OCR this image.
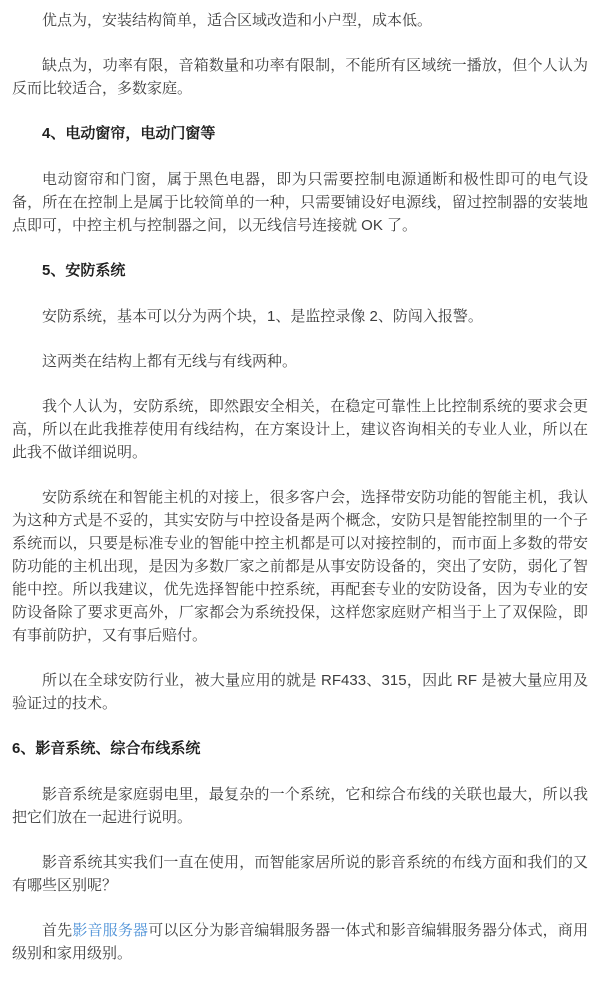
优点为，安装结构简单，适合区域改造和小户型，成本低。

缺点为，功率有限，音箱数量和功率有限制，不能所有区域统一播放，但个人认为反而比较适合，多数家庭。

4、电动窗帘，电动门窗等

电动窗帘和门窗，属于黑色电器，即为只需要控制电源通断和极性即可的电气设备，所在在控制上是属于比较简单的一种，只需要铺设好电源线，留过控制器的安装地点即可，中控主机与控制器之间，以无线信号连接就 OK 了。

5、安防系统

安防系统，基本可以分为两个块，1、是监控录像 2、防闯入报警。

这两类在结构上都有无线与有线两种。

我个人认为，安防系统，即然跟安全相关，在稳定可靠性上比控制系统的要求会更高，所以在此我推荐使用有线结构，在方案设计上，建议咨询相关的专业人业，所以在此我不做详细说明。

安防系统在和智能主机的对接上，很多客户会，选择带安防功能的智能主机，我认为这种方式是不妥的，其实安防与中控设备是两个概念，安防只是智能控制里的一个子系统而以，只要是标准专业的智能中控主机都是可以对接控制的，而市面上多数的带安防功能的主机出现，是因为多数厂家之前都是从事安防设备的，突出了安防，弱化了智能中控。所以我建议，优先选择智能中控系统，再配套专业的安防设备，因为专业的安防设备除了要求更高外，厂家都会为系统投保，这样您家庭财产相当于上了双保险，即有事前防护，又有事后赔付。

所以在全球安防行业，被大量应用的就是 RF433、315，因此 RF 是被大量应用及验证过的技术。

6、影音系统、综合布线系统

影音系统是家庭弱电里，最复杂的一个系统，它和综合布线的关联也最大，所以我把它们放在一起进行说明。

影音系统其实我们一直在使用，而智能家居所说的影音系统的布线方面和我们的又有哪些区别呢？

首先影音服务器可以区分为影音编辑服务器一体式和影音编辑服务器分体式，商用级别和家用级别。
